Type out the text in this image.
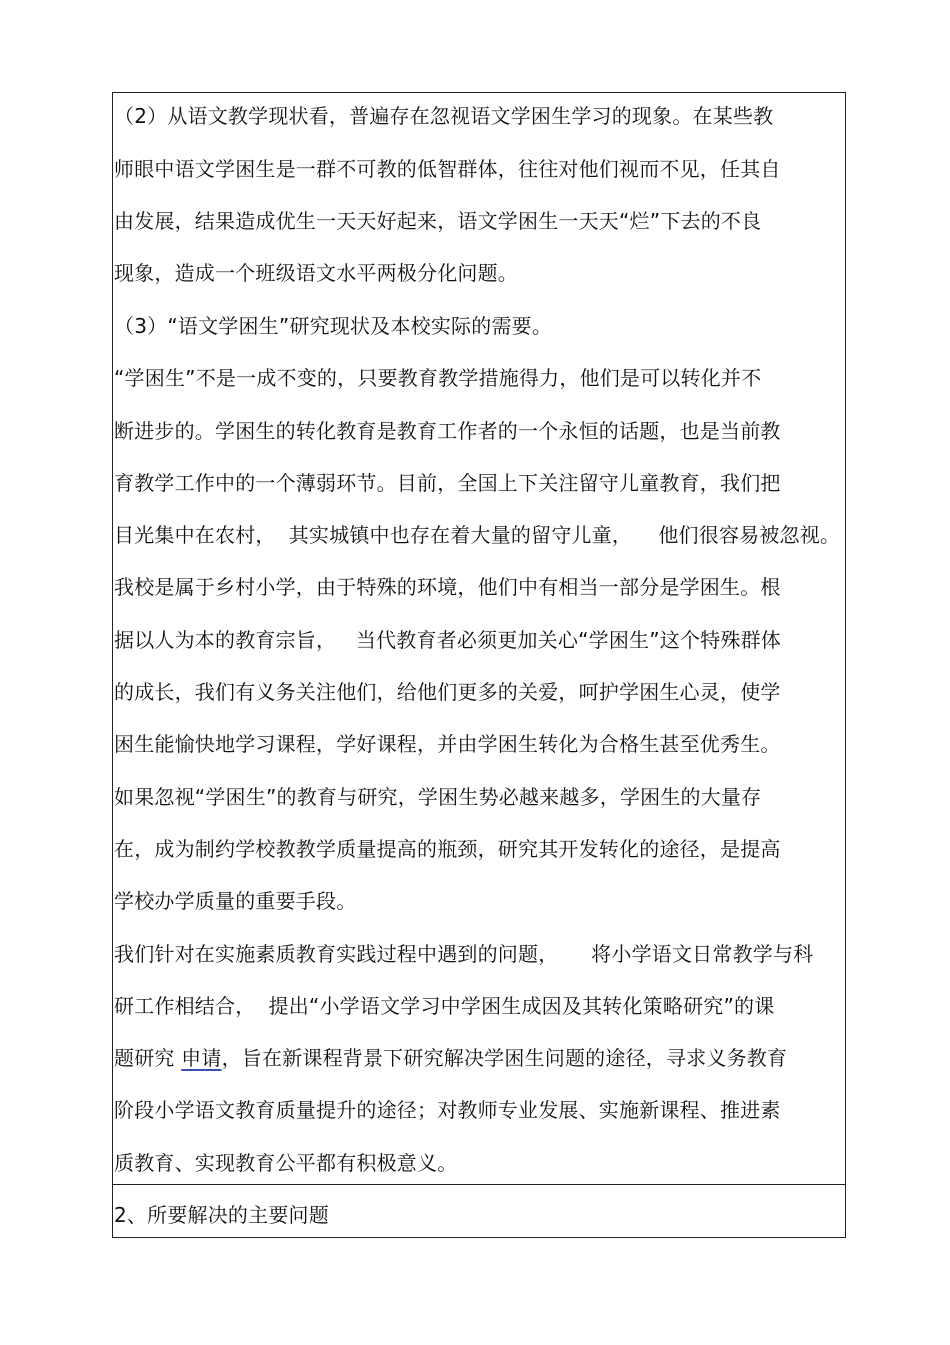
（2）从语文教学现状看，普遍存在忽视语文学困生学习的现象。在某些教
师眼中语文学困生是一群不可教的低智群体，往往对他们视而不见，任其自
由发展，结果造成优生一天天好起来，语文学困生一天天“烂”下去的不良
现象，造成一个班级语文水平两极分化问题。
（3）“语文学困生”研究现状及本校实际的需要。
“学困生”不是一成不变的，只要教育教学措施得力，他们是可以转化并不
断进步的。学困生的转化教育是教育工作者的一个永恒的话题，也是当前教
育教学工作中的一个薄弱环节。目前，全国上下关注留守儿童教育，我们把
目光集中在农村，  其实城镇中也存在着大量的留守儿童，    他们很容易被忽视。
我校是属于乡村小学，由于特殊的环境，他们中有相当一部分是学困生。根
据以人为本的教育宗旨，   当代教育者必须更加关心“学困生”这个特殊群体
的成长，我们有义务关注他们，给他们更多的关爱，呵护学困生心灵，使学
困生能愉快地学习课程，学好课程，并由学困生转化为合格生甚至优秀生。
如果忽视“学困生”的教育与研究，学困生势必越来越多，学困生的大量存
在，成为制约学校教教学质量提高的瓶颈，研究其开发转化的途径，是提高
学校办学质量的重要手段。
我们针对在实施素质教育实践过程中遇到的问题，     将小学语文日常教学与科
研工作相结合，  提出“小学语文学习中学困生成因及其转化策略研究”的课
题研究 申请，旨在新课程背景下研究解决学困生问题的途径，寻求义务教育
阶段小学语文教育质量提升的途径；对教师专业发展、实施新课程、推进素
质教育、实现教育公平都有积极意义。
2、所要解决的主要问题
